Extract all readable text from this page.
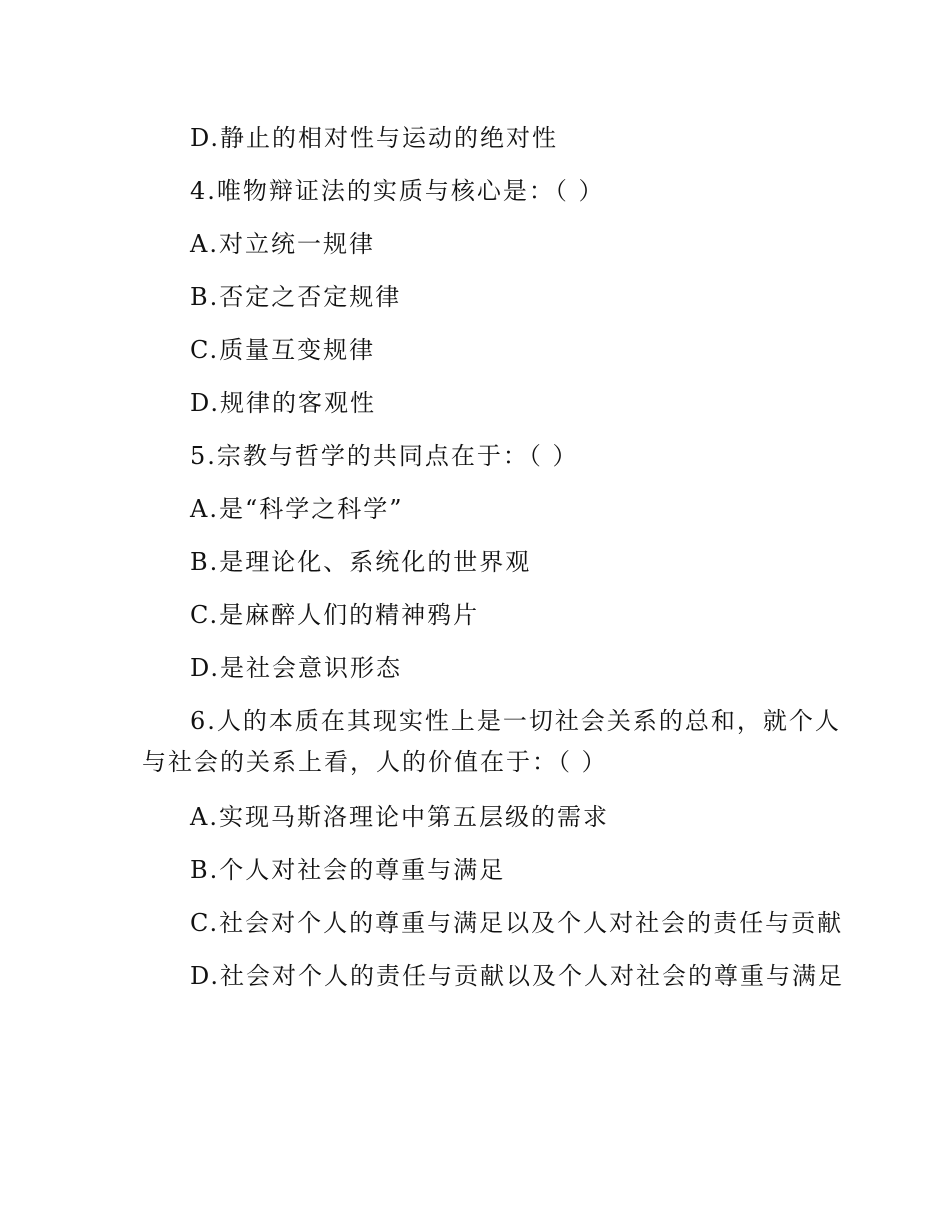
D.静止的相对性与运动的绝对性

4.唯物辩证法的实质与核心是：（ ）

A.对立统一规律

B.否定之否定规律

C.质量互变规律

D.规律的客观性

5.宗教与哲学的共同点在于：（ ）

A.是“科学之科学”

B.是理论化、系统化的世界观

C.是麻醉人们的精神鸦片

D.是社会意识形态

6.人的本质在其现实性上是一切社会关系的总和，就个人

与社会的关系上看，人的价值在于：（ ）

A.实现马斯洛理论中第五层级的需求

B.个人对社会的尊重与满足

C.社会对个人的尊重与满足以及个人对社会的责任与贡献

D.社会对个人的责任与贡献以及个人对社会的尊重与满足
